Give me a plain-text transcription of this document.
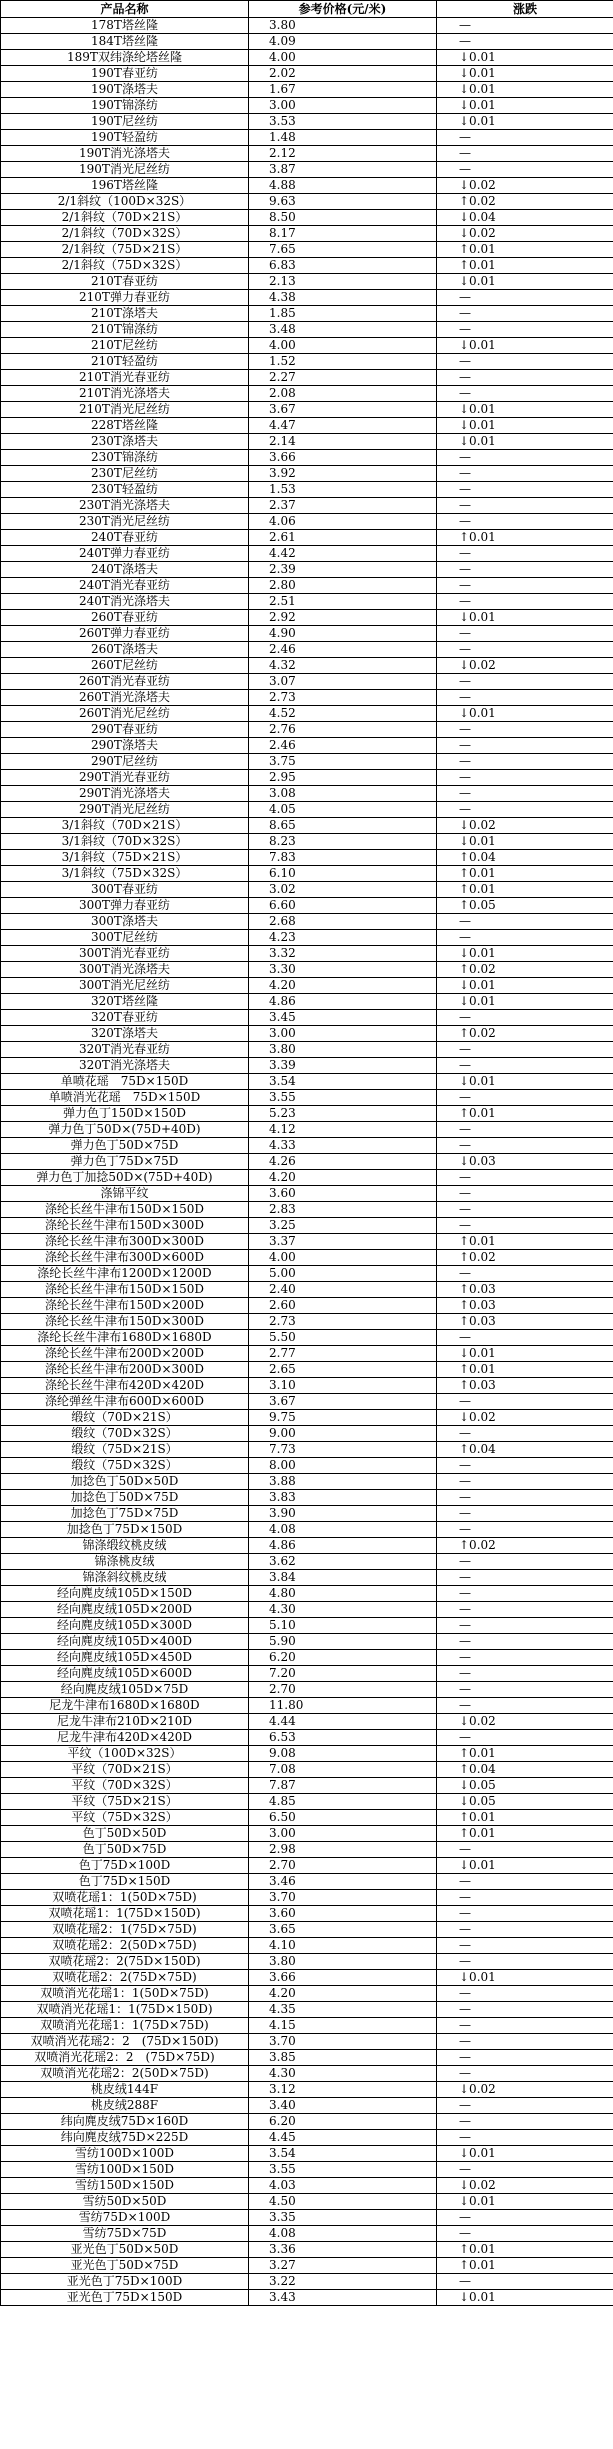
产品名称	参考价格(元/米)	涨跌
178T塔丝隆	3.80	—
184T塔丝隆	4.09	—
189T双纬涤纶塔丝隆	4.00	↓0.01
190T春亚纺	2.02	↓0.01
190T涤塔夫	1.67	↓0.01
190T锦涤纺	3.00	↓0.01
190T尼丝纺	3.53	↓0.01
190T轻盈纺	1.48	—
190T消光涤塔夫	2.12	—
190T消光尼丝纺	3.87	—
196T塔丝隆	4.88	↓0.02
2/1斜纹（100D×32S）	9.63	↑0.02
2/1斜纹（70D×21S）	8.50	↓0.04
2/1斜纹（70D×32S）	8.17	↓0.02
2/1斜纹（75D×21S）	7.65	↑0.01
2/1斜纹（75D×32S）	6.83	↑0.01
210T春亚纺	2.13	↓0.01
210T弹力春亚纺	4.38	—
210T涤塔夫	1.85	—
210T锦涤纺	3.48	—
210T尼丝纺	4.00	↓0.01
210T轻盈纺	1.52	—
210T消光春亚纺	2.27	—
210T消光涤塔夫	2.08	—
210T消光尼丝纺	3.67	↓0.01
228T塔丝隆	4.47	↓0.01
230T涤塔夫	2.14	↓0.01
230T锦涤纺	3.66	—
230T尼丝纺	3.92	—
230T轻盈纺	1.53	—
230T消光涤塔夫	2.37	—
230T消光尼丝纺	4.06	—
240T春亚纺	2.61	↑0.01
240T弹力春亚纺	4.42	—
240T涤塔夫	2.39	—
240T消光春亚纺	2.80	—
240T消光涤塔夫	2.51	—
260T春亚纺	2.92	↓0.01
260T弹力春亚纺	4.90	—
260T涤塔夫	2.46	—
260T尼丝纺	4.32	↓0.02
260T消光春亚纺	3.07	—
260T消光涤塔夫	2.73	—
260T消光尼丝纺	4.52	↓0.01
290T春亚纺	2.76	—
290T涤塔夫	2.46	—
290T尼丝纺	3.75	—
290T消光春亚纺	2.95	—
290T消光涤塔夫	3.08	—
290T消光尼丝纺	4.05	—
3/1斜纹（70D×21S）	8.65	↓0.02
3/1斜纹（70D×32S）	8.23	↓0.01
3/1斜纹（75D×21S）	7.83	↑0.04
3/1斜纹（75D×32S）	6.10	↑0.01
300T春亚纺	3.02	↑0.01
300T弹力春亚纺	6.60	↑0.05
300T涤塔夫	2.68	—
300T尼丝纺	4.23	—
300T消光春亚纺	3.32	↓0.01
300T消光涤塔夫	3.30	↑0.02
300T消光尼丝纺	4.20	↓0.01
320T塔丝隆	4.86	↓0.01
320T春亚纺	3.45	—
320T涤塔夫	3.00	↑0.02
320T消光春亚纺	3.80	—
320T消光涤塔夫	3.39	—
单喷花瑶　75D×150D	3.54	↓0.01
单喷消光花瑶　75D×150D	3.55	—
弹力色丁150D×150D	5.23	↑0.01
弹力色丁50D×(75D+40D)	4.12	—
弹力色丁50D×75D	4.33	—
弹力色丁75D×75D	4.26	↓0.03
弹力色丁加捻50D×(75D+40D)	4.20	—
涤锦平纹	3.60	—
涤纶长丝牛津布150D×150D	2.83	—
涤纶长丝牛津布150D×300D	3.25	—
涤纶长丝牛津布300D×300D	3.37	↑0.01
涤纶长丝牛津布300D×600D	4.00	↑0.02
涤纶长丝牛津布1200D×1200D	5.00	—
涤纶长丝牛津布150D×150D	2.40	↑0.03
涤纶长丝牛津布150D×200D	2.60	↑0.03
涤纶长丝牛津布150D×300D	2.73	↑0.03
涤纶长丝牛津布1680D×1680D	5.50	—
涤纶长丝牛津布200D×200D	2.77	↓0.01
涤纶长丝牛津布200D×300D	2.65	↑0.01
涤纶长丝牛津布420D×420D	3.10	↑0.03
涤纶弹丝牛津布600D×600D	3.67	—
缎纹（70D×21S）	9.75	↓0.02
缎纹（70D×32S）	9.00	—
缎纹（75D×21S）	7.73	↑0.04
缎纹（75D×32S）	8.00	—
加捻色丁50D×50D	3.88	—
加捻色丁50D×75D	3.83	—
加捻色丁75D×75D	3.90	—
加捻色丁75D×150D	4.08	—
锦涤缎纹桃皮绒	4.86	↑0.02
锦涤桃皮绒	3.62	—
锦涤斜纹桃皮绒	3.84	—
经向麂皮绒105D×150D	4.80	—
经向麂皮绒105D×200D	4.30	—
经向麂皮绒105D×300D	5.10	—
经向麂皮绒105D×400D	5.90	—
经向麂皮绒105D×450D	6.20	—
经向麂皮绒105D×600D	7.20	—
经向麂皮绒105D×75D	2.70	—
尼龙牛津布1680D×1680D	11.80	—
尼龙牛津布210D×210D	4.44	↓0.02
尼龙牛津布420D×420D	6.53	—
平纹（100D×32S）	9.08	↑0.01
平纹（70D×21S）	7.08	↑0.04
平纹（70D×32S）	7.87	↓0.05
平纹（75D×21S）	4.85	↓0.05
平纹（75D×32S）	6.50	↑0.01
色丁50D×50D	3.00	↑0.01
色丁50D×75D	2.98	—
色丁75D×100D	2.70	↓0.01
色丁75D×150D	3.46	—
双喷花瑶1：1(50D×75D)	3.70	—
双喷花瑶1：1(75D×150D)	3.60	—
双喷花瑶2：1(75D×75D)	3.65	—
双喷花瑶2：2(50D×75D)	4.10	—
双喷花瑶2：2(75D×150D)	3.80	—
双喷花瑶2：2(75D×75D)	3.66	↓0.01
双喷消光花瑶1：1(50D×75D)	4.20	—
双喷消光花瑶1：1(75D×150D)	4.35	—
双喷消光花瑶1：1(75D×75D)	4.15	—
双喷消光花瑶2：2　(75D×150D)	3.70	—
双喷消光花瑶2：2　(75D×75D)	3.85	—
双喷消光花瑶2：2(50D×75D)	4.30	—
桃皮绒144F	3.12	↓0.02
桃皮绒288F	3.40	—
纬向麂皮绒75D×160D	6.20	—
纬向麂皮绒75D×225D	4.45	—
雪纺100D×100D	3.54	↓0.01
雪纺100D×150D	3.55	—
雪纺150D×150D	4.03	↓0.02
雪纺50D×50D	4.50	↓0.01
雪纺75D×100D	3.35	—
雪纺75D×75D	4.08	—
亚光色丁50D×50D	3.36	↑0.01
亚光色丁50D×75D	3.27	↑0.01
亚光色丁75D×100D	3.22	—
亚光色丁75D×150D	3.43	↓0.01
